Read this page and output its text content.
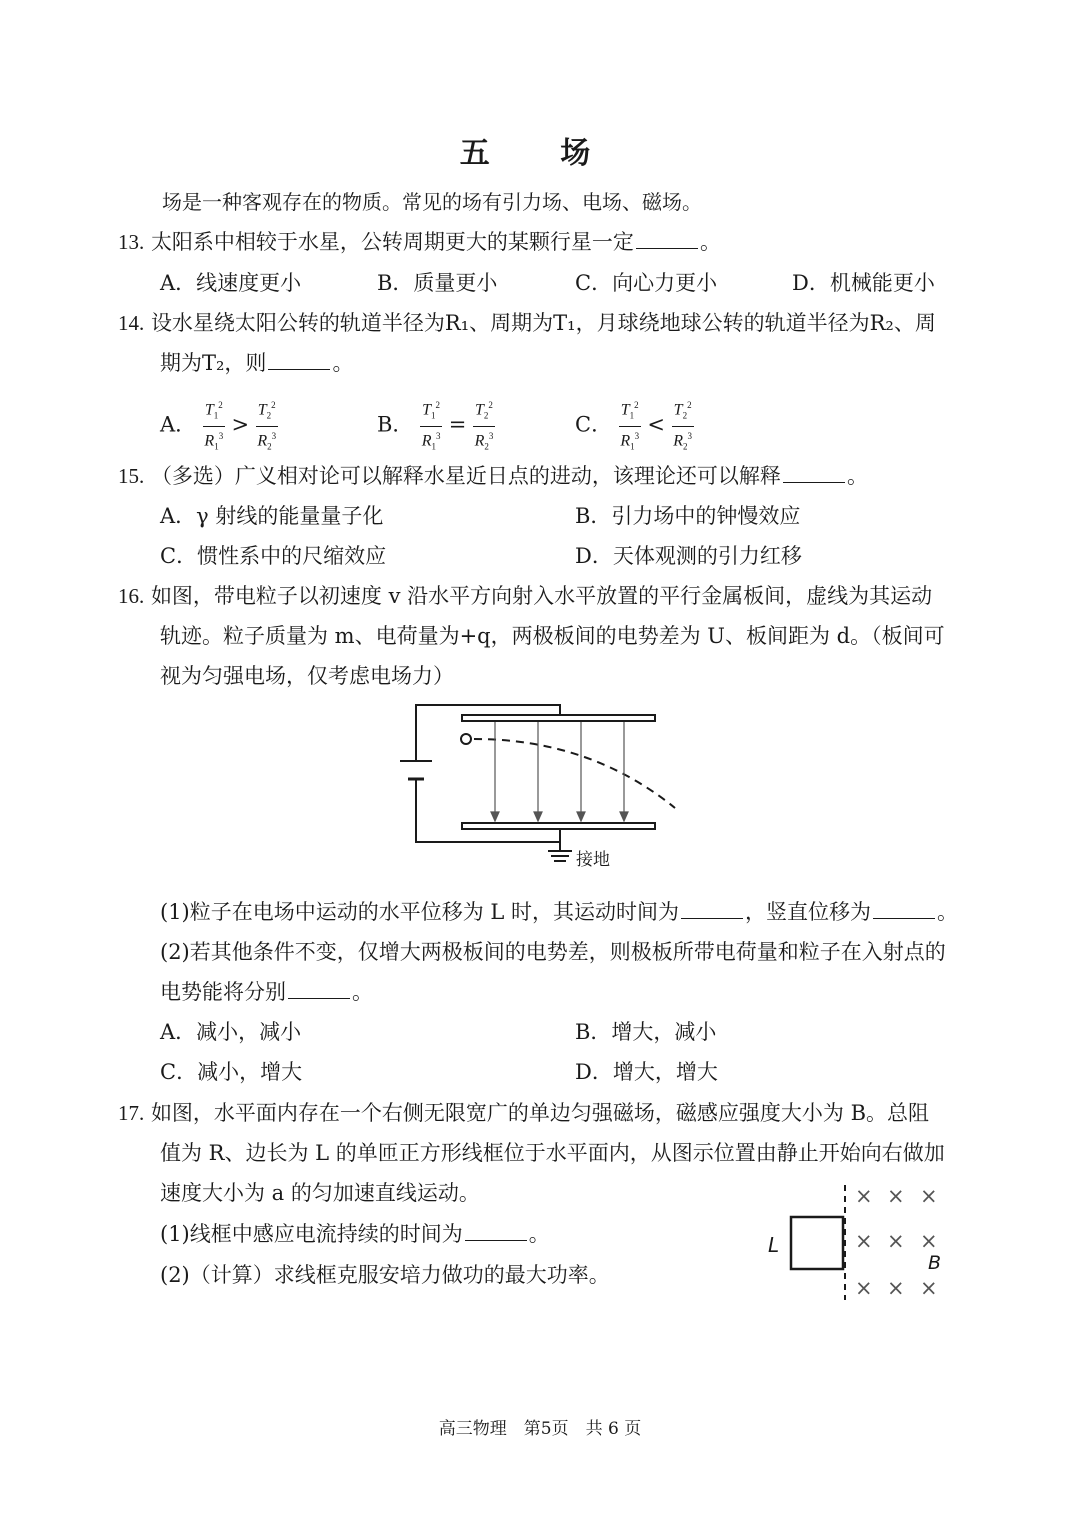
五 场
场是一种客观存在的物质。常见的场有引力场、电场、磁场。
13. 太阳系中相较于水星，公转周期更大的某颗行星一定	。
A．线速度更小	B．质量更小	C．向心力更小	D．机械能更小
14. 设水星绕太阳公转的轨道半径为R₁、周期为T₁，月球绕地球公转的轨道半径为R₂、周
期为T₂，则	。
A． $\frac{T_1^2}{R_1^3} > \frac{T_2^2}{R_2^3}$	B． $\frac{T_1^2}{R_1^3} = \frac{T_2^2}{R_2^3}$	C． $\frac{T_1^2}{R_1^3} < \frac{T_2^2}{R_2^3}$
15. （多选）广义相对论可以解释水星近日点的进动，该理论还可以解释	。
A．γ 射线的能量量子化	B．引力场中的钟慢效应
C．惯性系中的尺缩效应	D．天体观测的引力红移
16. 如图，带电粒子以初速度 v 沿水平方向射入水平放置的平行金属板间，虚线为其运动
轨迹。粒子质量为 m、电荷量为+q，两极板间的电势差为 U、板间距为 d。（板间可
视为匀强电场，仅考虑电场力）
接地
(1)粒子在电场中运动的水平位移为 L 时，其运动时间为	，竖直位移为	。
(2)若其他条件不变，仅增大两极板间的电势差，则极板所带电荷量和粒子在入射点的
电势能将分别	。
A．减小，减小	B．增大，减小
C．减小，增大	D．增大，增大
17. 如图，水平面内存在一个右侧无限宽广的单边匀强磁场，磁感应强度大小为 B。总阻
值为 R、边长为 L 的单匝正方形线框位于水平面内，从图示位置由静止开始向右做加
速度大小为 a 的匀加速直线运动。
(1)线框中感应电流持续的时间为	。
(2)（计算）求线框克服安培力做功的最大功率。
L
B
× × ×
× × ×
× × ×
高三物理　第5页　共 6 页
